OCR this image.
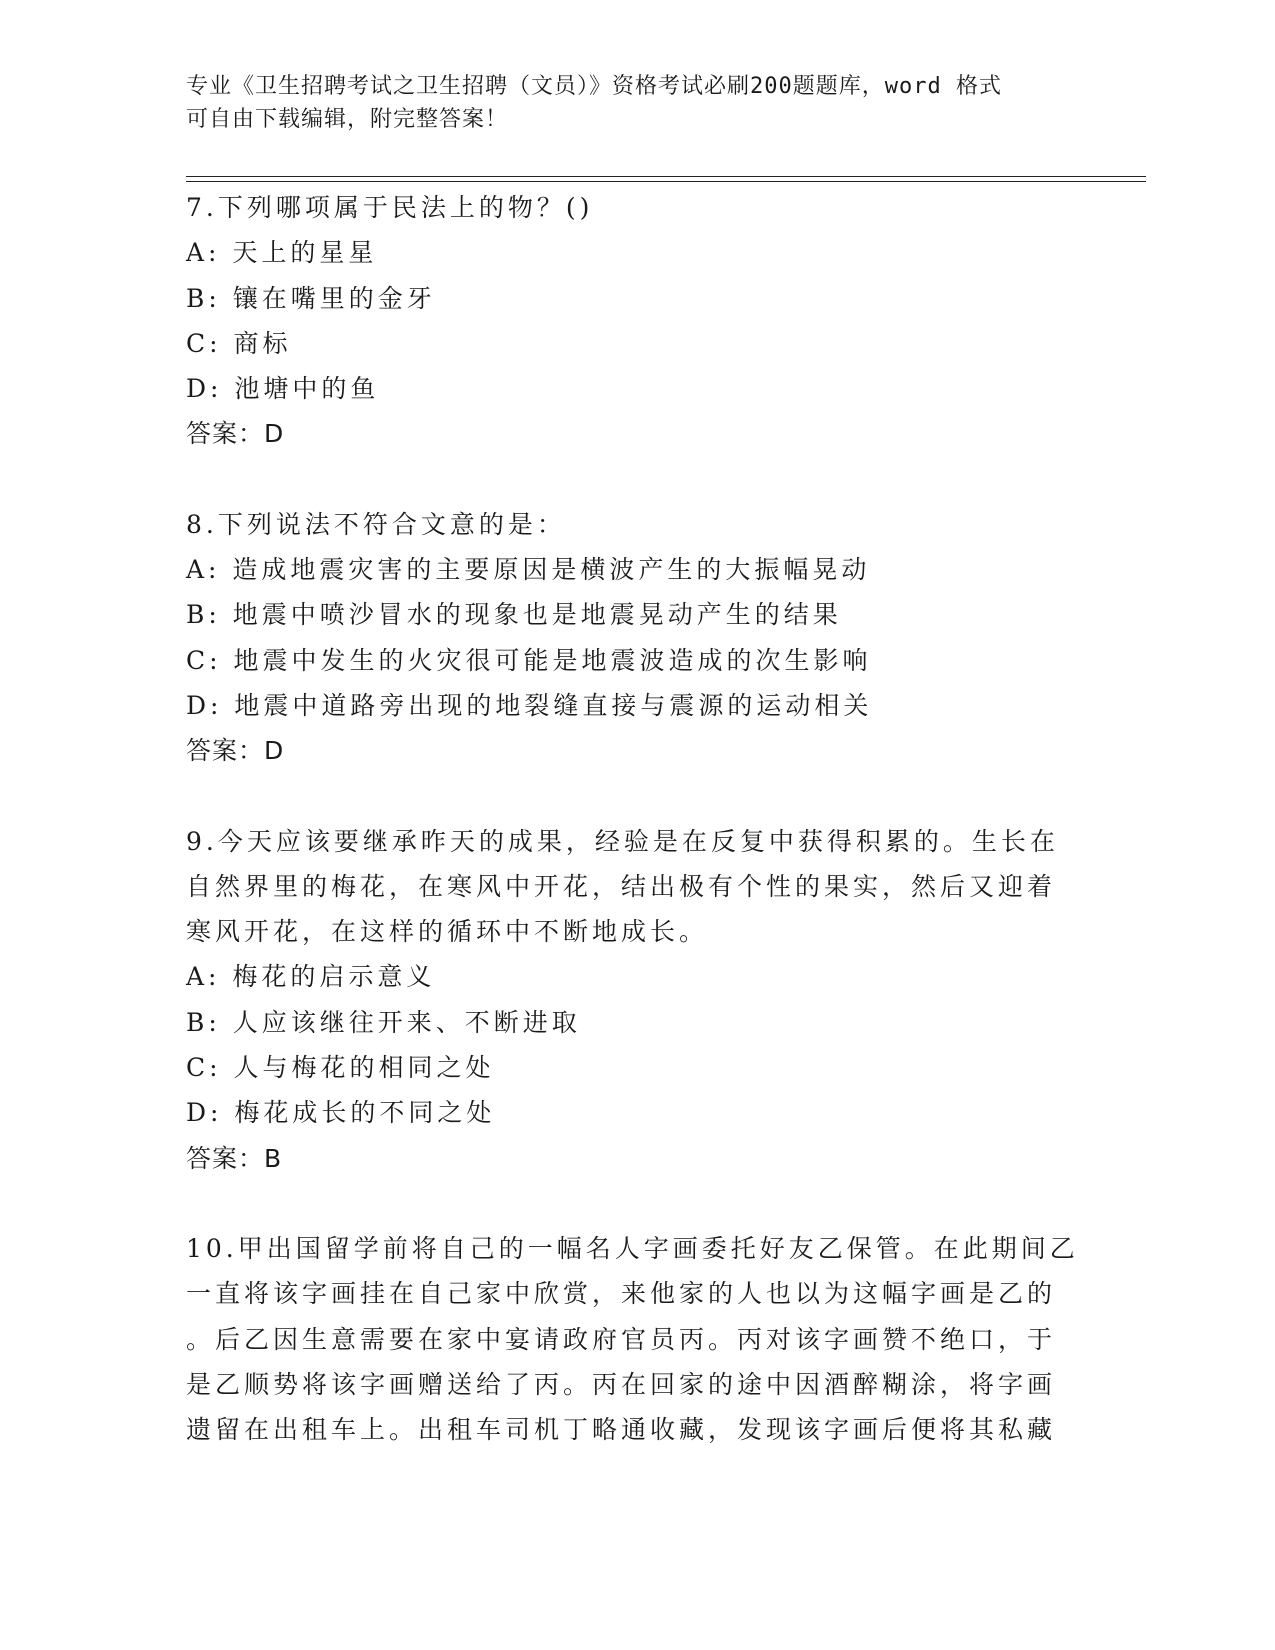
专业《卫生招聘考试之卫生招聘（文员）》资格考试必刷200题题库，word 格式
可自由下载编辑，附完整答案！
7.下列哪项属于民法上的物？()
A: 天上的星星
B: 镶在嘴里的金牙
C: 商标
D: 池塘中的鱼
答案：D
8.下列说法不符合文意的是：
A: 造成地震灾害的主要原因是横波产生的大振幅晃动
B: 地震中喷沙冒水的现象也是地震晃动产生的结果
C: 地震中发生的火灾很可能是地震波造成的次生影响
D: 地震中道路旁出现的地裂缝直接与震源的运动相关
答案：D
9.今天应该要继承昨天的成果，经验是在反复中获得积累的。生长在
自然界里的梅花，在寒风中开花，结出极有个性的果实，然后又迎着
寒风开花，在这样的循环中不断地成长。
A: 梅花的启示意义
B: 人应该继往开来、不断进取
C: 人与梅花的相同之处
D: 梅花成长的不同之处
答案：B
10.甲出国留学前将自己的一幅名人字画委托好友乙保管。在此期间乙
一直将该字画挂在自己家中欣赏，来他家的人也以为这幅字画是乙的
。后乙因生意需要在家中宴请政府官员丙。丙对该字画赞不绝口，于
是乙顺势将该字画赠送给了丙。丙在回家的途中因酒醉糊涂，将字画
遗留在出租车上。出租车司机丁略通收藏，发现该字画后便将其私藏
